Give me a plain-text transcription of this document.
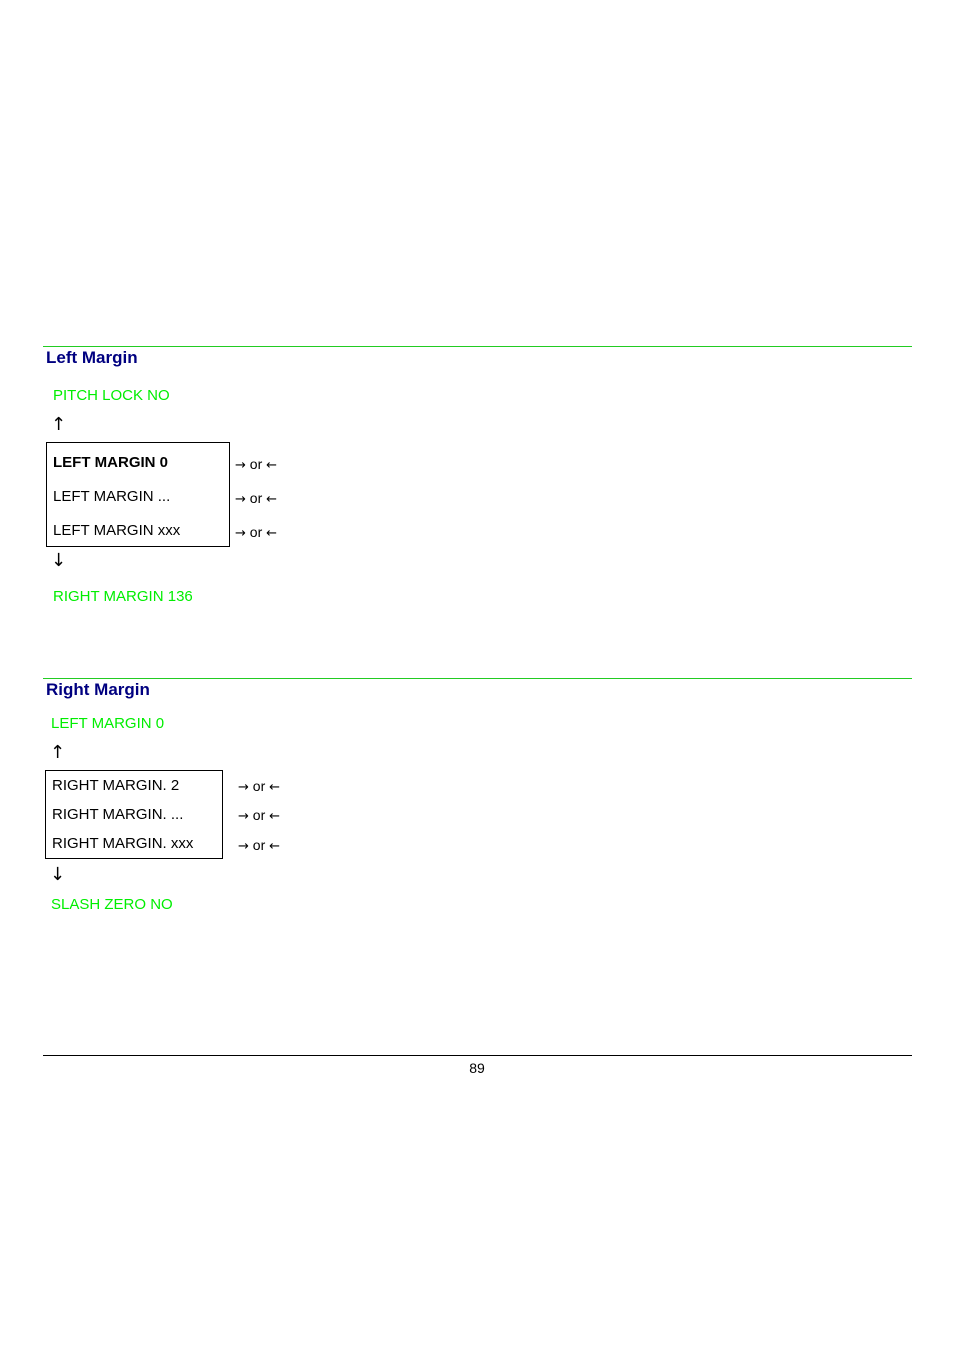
Left Margin
PITCH LOCK NO
↑
LEFT MARGIN 0
LEFT MARGIN ...
LEFT MARGIN xxx
→ or ←
→ or ←
→ or ←
↓
RIGHT MARGIN 136
Right Margin
LEFT MARGIN 0
↑
RIGHT MARGIN. 2
RIGHT MARGIN. ...
RIGHT MARGIN. xxx
→ or ←
→ or ←
→ or ←
↓
SLASH ZERO NO
89
